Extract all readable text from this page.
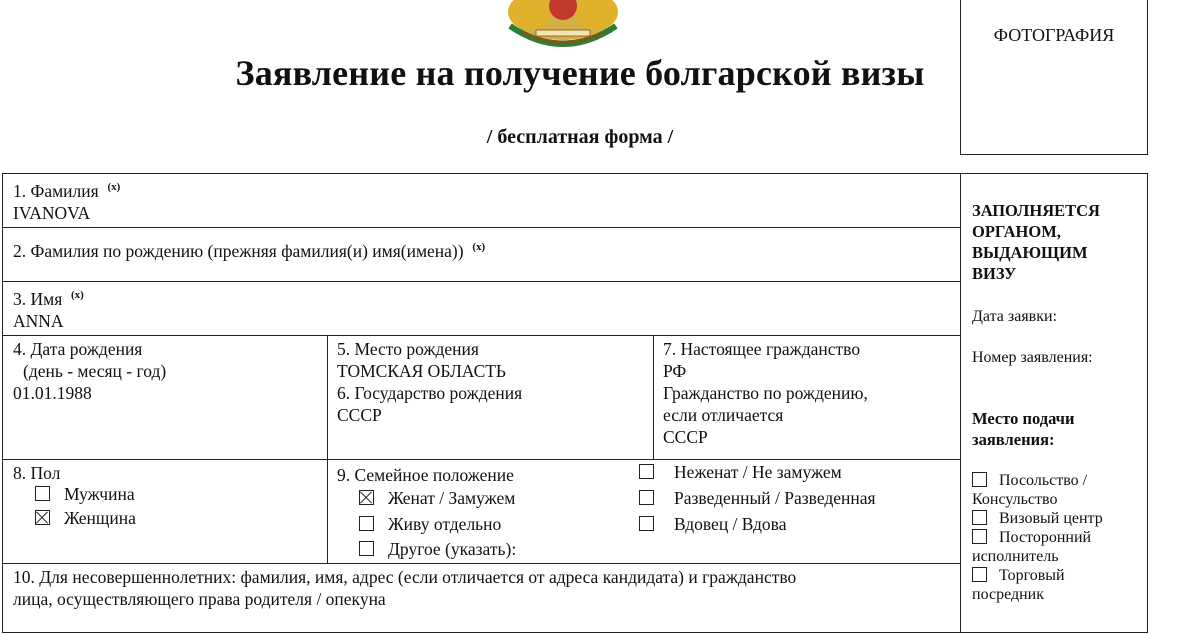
Заявление на получение болгарской визы
/ бесплатная форма /
ФОТОГРАФИЯ
1. Фамилия $^{(x)}$
IVANOVA
2. Фамилия по рождению (прежняя фамилия(и) имя(имена)) $^{(x)}$
3. Имя $^{(x)}$
ANNA
4. Дата рождения
(день - месяц - год)
01.01.1988
5. Место рождения
ТОМСКАЯ ОБЛАСТЬ
6. Государство рождения
СССР
7. Настоящее гражданство
РФ
Гражданство по рождению,
если отличается
СССР
8. Пол
Мужчина
Женщина
9. Семейное положение
Женат / Замужем
Живу отдельно
Другое (указать):
Неженат / Не замужем
Разведенный / Разведенная
Вдовец / Вдова
10. Для несовершеннолетних: фамилия, имя, адрес (если отличается от адреса кандидата) и гражданство
лица, осуществляющего права родителя / опекуна
ЗАПОЛНЯЕТСЯ
ОРГАНОМ,
ВЫДАЮЩИМ
ВИЗУ
Дата заявки:
Номер заявления:
Место подачи
заявления:
Посольство /
Консульство
Визовый центр
Посторонний
исполнитель
Торговый
посредник
